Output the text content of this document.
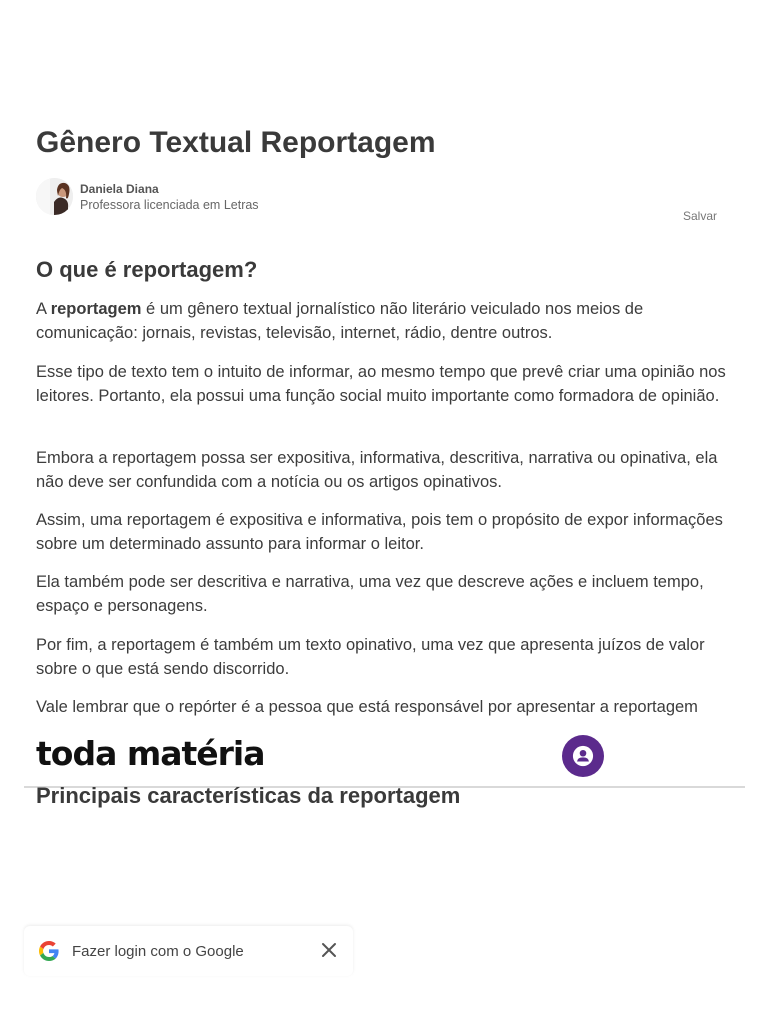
Gênero Textual Reportagem
Daniela Diana
Professora licenciada em Letras
Salvar
O que é reportagem?

A reportagem é um gênero textual jornalístico não literário veiculado nos meios de comunicação: jornais, revistas, televisão, internet, rádio, dentre outros.

Esse tipo de texto tem o intuito de informar, ao mesmo tempo que prevê criar uma opinião nos leitores. Portanto, ela possui uma função social muito importante como formadora de opinião.

Embora a reportagem possa ser expositiva, informativa, descritiva, narrativa ou opinativa, ela não deve ser confundida com a notícia ou os artigos opinativos.

Assim, uma reportagem é expositiva e informativa, pois tem o propósito de expor informações sobre um determinado assunto para informar o leitor.

Ela também pode ser descritiva e narrativa, uma vez que descreve ações e incluem tempo, espaço e personagens.

Por fim, a reportagem é também um texto opinativo, uma vez que apresenta juízos de valor sobre o que está sendo discorrido.

Vale lembrar que o repórter é a pessoa que está responsável por apresentar a reportagem

toda matéria
Principais características da reportagem
Fazer login com o Google
